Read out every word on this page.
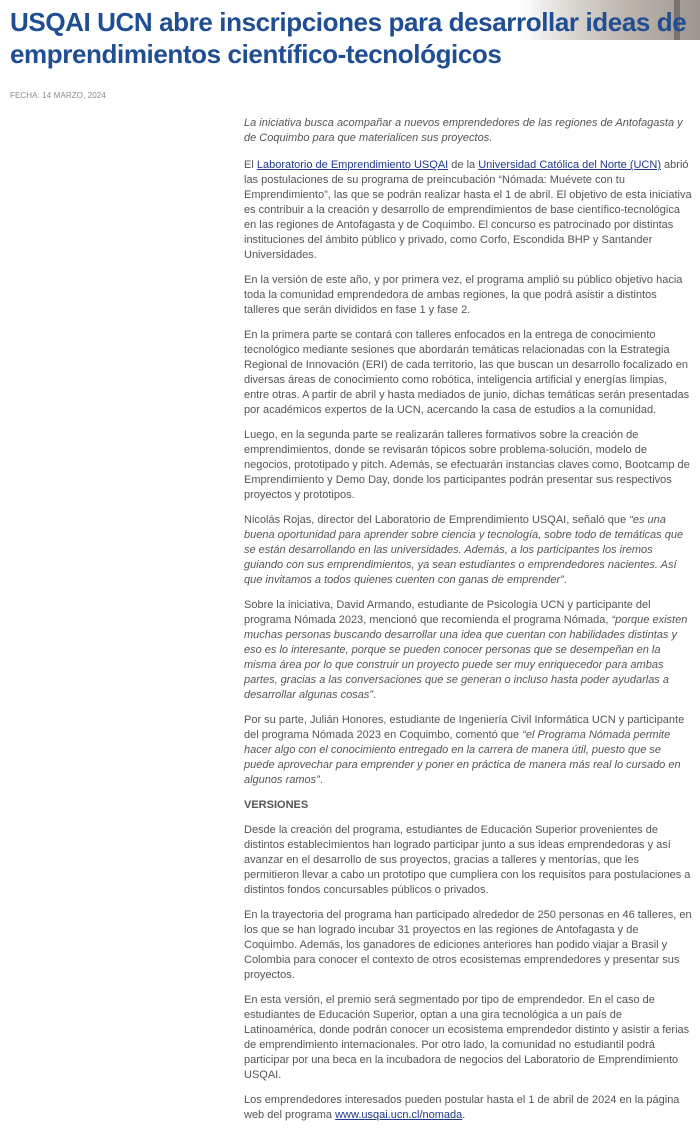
USQAI UCN abre inscripciones para desarrollar ideas de emprendimientos científico-tecnológicos
FECHA: 14 MARZO, 2024

La iniciativa busca acompañar a nuevos emprendedores de las regiones de Antofagasta y de Coquimbo para que materialicen sus proyectos.

El Laboratorio de Emprendimiento USQAI de la Universidad Católica del Norte (UCN) abrió las postulaciones de su programa de preincubación “Nómada: Muévete con tu Emprendimiento”, las que se podrán realizar hasta el 1 de abril. El objetivo de esta iniciativa es contribuir a la creación y desarrollo de emprendimientos de base científico-tecnológica en las regiones de Antofagasta y de Coquimbo. El concurso es patrocinado por distintas instituciones del ámbito público y privado, como Corfo, Escondida BHP y Santander Universidades.

En la versión de este año, y por primera vez, el programa amplió su público objetivo hacia toda la comunidad emprendedora de ambas regiones, la que podrá asistir a distintos talleres que serán divididos en fase 1 y fase 2.

En la primera parte se contará con talleres enfocados en la entrega de conocimiento tecnológico mediante sesiones que abordarán temáticas relacionadas con la Estrategia Regional de Innovación (ERI) de cada territorio, las que buscan un desarrollo focalizado en diversas áreas de conocimiento como robótica, inteligencia artificial y energías limpias, entre otras. A partir de abril y hasta mediados de junio, dichas temáticas serán presentadas por académicos expertos de la UCN, acercando la casa de estudios a la comunidad.

Luego, en la segunda parte se realizarán talleres formativos sobre la creación de emprendimientos, donde se revisarán tópicos sobre problema-solución, modelo de negocios, prototipado y pitch. Además, se efectuarán instancias claves como, Bootcamp de Emprendimiento y Demo Day, donde los participantes podrán presentar sus respectivos proyectos y prototipos.

Nicolás Rojas, director del Laboratorio de Emprendimiento USQAI, señaló que “es una buena oportunidad para aprender sobre ciencia y tecnología, sobre todo de temáticas que se están desarrollando en las universidades. Además, a los participantes los iremos guiando con sus emprendimientos, ya sean estudiantes o emprendedores nacientes. Así que invitamos a todos quienes cuenten con ganas de emprender”.

Sobre la iniciativa, David Armando, estudiante de Psicología UCN y participante del programa Nómada 2023, mencionó que recomienda el programa Nómada, “porque existen muchas personas buscando desarrollar una idea que cuentan con habilidades distintas y eso es lo interesante, porque se pueden conocer personas que se desempeñan en la misma área por lo que construir un proyecto puede ser muy enriquecedor para ambas partes, gracias a las conversaciones que se generan o incluso hasta poder ayudarlas a desarrollar algunas cosas”.

Por su parte, Julián Honores, estudiante de Ingeniería Civil Informática UCN y participante del programa Nómada 2023 en Coquimbo, comentó que “el Programa Nómada permite hacer algo con el conocimiento entregado en la carrera de manera útil, puesto que se puede aprovechar para emprender y poner en práctica de manera más real lo cursado en algunos ramos”.

VERSIONES

Desde la creación del programa, estudiantes de Educación Superior provenientes de distintos establecimientos han logrado participar junto a sus ideas emprendedoras y así avanzar en el desarrollo de sus proyectos, gracias a talleres y mentorías, que les permitieron llevar a cabo un prototipo que cumpliera con los requisitos para postulaciones a distintos fondos concursables públicos o privados.

En la trayectoria del programa han participado alrededor de 250 personas en 46 talleres, en los que se han logrado incubar 31 proyectos en las regiones de Antofagasta y de Coquimbo. Además, los ganadores de ediciones anteriores han podido viajar a Brasil y Colombia para conocer el contexto de otros ecosistemas emprendedores y presentar sus proyectos.

En esta versión, el premio será segmentado por tipo de emprendedor. En el caso de estudiantes de Educación Superior, optan a una gira tecnológica a un país de Latinoamérica, donde podrán conocer un ecosistema emprendedor distinto y asistir a ferias de emprendimiento internacionales. Por otro lado, la comunidad no estudiantil podrá participar por una beca en la incubadora de negocios del Laboratorio de Emprendimiento USQAI.

Los emprendedores interesados pueden postular hasta el 1 de abril de 2024 en la página web del programa www.usqai.ucn.cl/nomada.
